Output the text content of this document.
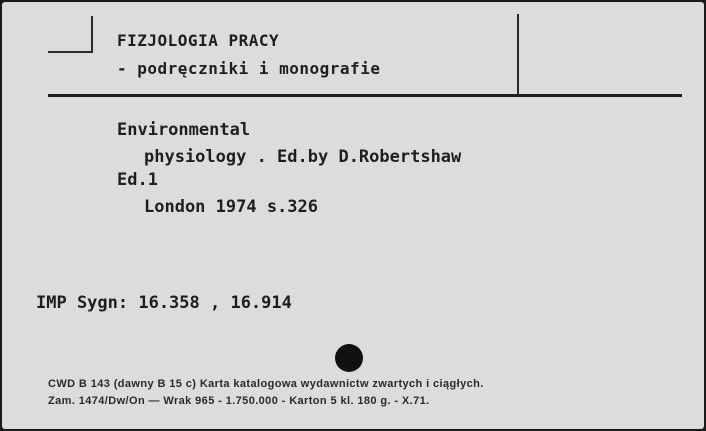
FIZJOLOGIA PRACY

- podręczniki i monografie

Environmental

physiology . Ed.by D.Robertshaw

Ed.1

London 1974 s.326

IMP Sygn: 16.358 , 16.914

CWD B 143 (dawny B 15 c) Karta katalogowa wydawnictw zwartych i ciągłych.

Zam. 1474/Dw/On — Wrak 965 - 1.750.000 - Karton 5 kl. 180 g. - X.71.
